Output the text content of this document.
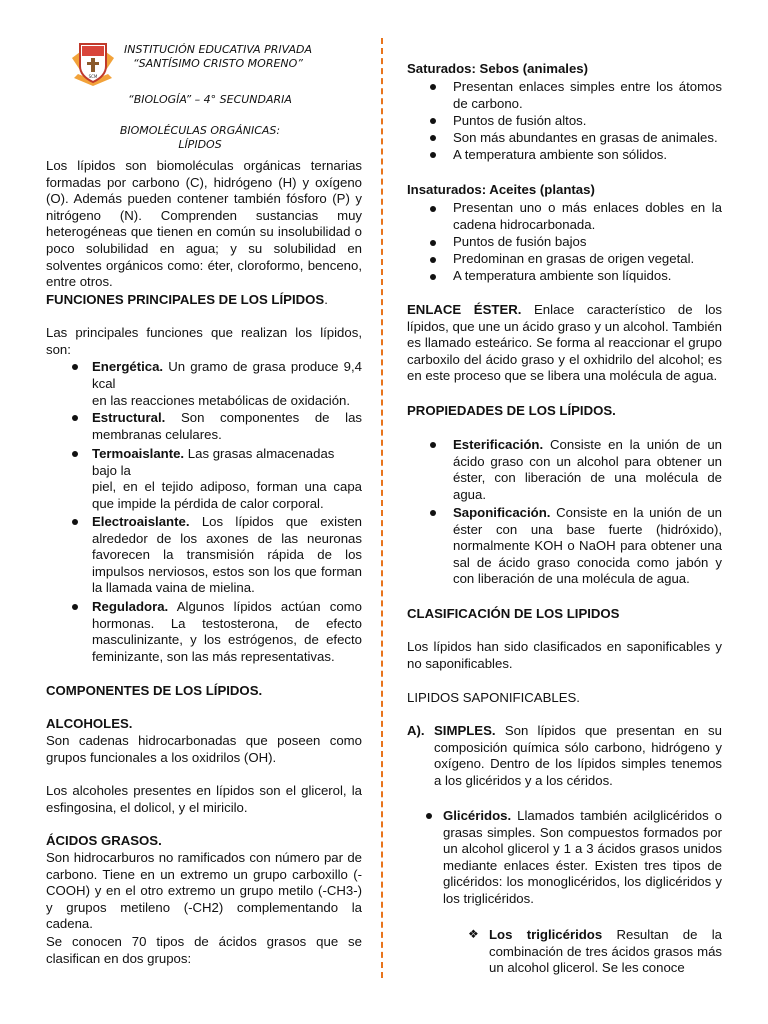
SCM
INSTITUCIÓN EDUCATIVA PRIVADA
“SANTÍSIMO CRISTO MORENO”
“BIOLOGÍA” – 4° SECUNDARIA
BIOMOLÉCULAS ORGÁNICAS: LÍPIDOS
Los lípidos son biomoléculas orgánicas ternarias formadas por carbono (C), hidrógeno (H) y oxígeno (O). Además pueden contener también fósforo (P) y nitrógeno (N). Comprenden sustancias muy heterogéneas que tienen en común su insolubilidad o poco solubilidad en agua; y su solubilidad en solventes orgánicos como: éter, cloroformo, benceno, entre otros.
FUNCIONES PRINCIPALES DE LOS LÍPIDOS.
Las principales funciones que realizan los lípidos, son:
Energética. Un gramo de grasa produce 9,4 kcal
en las reacciones metabólicas de oxidación.
Estructural. Son componentes de las membranas celulares.
Termoaislante. Las grasas almacenadas bajo la
piel, en el tejido adiposo, forman una capa que impide la pérdida de calor corporal.
Electroaislante. Los lípidos que existen alrededor de los axones de las neuronas favorecen la transmisión rápida de los impulsos nerviosos, estos son los que forman la llamada vaina de mielina.
Reguladora. Algunos lípidos actúan como hormonas. La testosterona, de efecto masculinizante, y los estrógenos, de efecto feminizante, son las más representativas.
COMPONENTES DE LOS LÍPIDOS.
ALCOHOLES.
Son cadenas hidrocarbonadas que poseen como grupos funcionales a los oxidrilos (OH).
Los alcoholes presentes en lípidos son el glicerol, la esfingosina, el dolicol, y el miricilo.
ÁCIDOS GRASOS.
Son hidrocarburos no ramificados con número par de carbono. Tiene en un extremo un grupo carboxillo (-COOH) y en el otro extremo un grupo metilo (-CH3-) y grupos metileno (-CH2) complementando la cadena.
Se conocen 70 tipos de ácidos grasos que se clasifican en dos grupos:
Saturados: Sebos (animales)
Presentan enlaces simples entre los átomos de carbono.
Puntos de fusión altos.
Son más abundantes en grasas de animales.
A temperatura ambiente son sólidos.
Insaturados: Aceites (plantas)
Presentan uno o más enlaces dobles en la cadena hidrocarbonada.
Puntos de fusión bajos
Predominan en grasas de origen vegetal.
A temperatura ambiente son líquidos.
ENLACE ÉSTER. Enlace característico de los lípidos, que une un ácido graso y un alcohol. También es llamado esteárico. Se forma al reaccionar el grupo carboxilo del ácido graso y el oxhidrilo del alcohol; es en este proceso que se libera una molécula de agua.
PROPIEDADES DE LOS LÍPIDOS.
Esterificación. Consiste en la unión de un ácido graso con un alcohol para obtener un éster, con liberación de una molécula de agua.
Saponificación. Consiste en la unión de un éster con una base fuerte (hidróxido), normalmente KOH o NaOH para obtener una sal de ácido graso conocida como jabón y con liberación de una molécula de agua.
CLASIFICACIÓN DE LOS LIPIDOS
Los lípidos han sido clasificados en saponificables y no saponificables.
LIPIDOS SAPONIFICABLES.
A). SIMPLES. Son lípidos que presentan en su composición química sólo carbono, hidrógeno y oxígeno. Dentro de los lípidos simples tenemos a los glicéridos y a los céridos.
Glicéridos. Llamados también acilglicéridos o grasas simples. Son compuestos formados por un alcohol glicerol y 1 a 3 ácidos grasos unidos mediante enlaces éster. Existen tres tipos de glicéridos: los monoglicéridos, los diglicéridos y los triglicéridos.
❖ Los triglicéridos Resultan de la combinación de tres ácidos grasos más un alcohol glicerol. Se les conoce
